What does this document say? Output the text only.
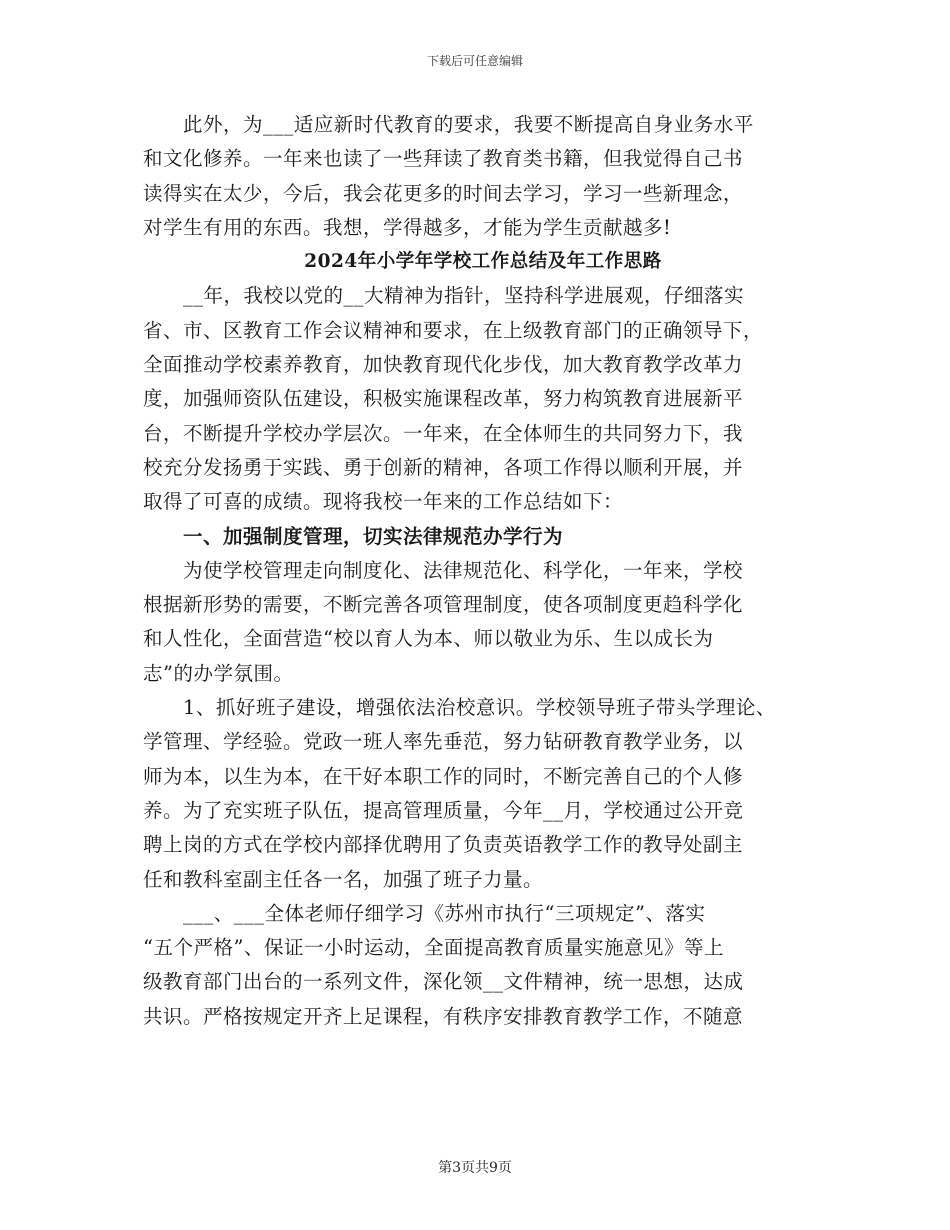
下载后可任意编辑
　　此外，为___适应新时代教育的要求，我要不断提高自身业务水平
和文化修养。一年来也读了一些拜读了教育类书籍，但我觉得自己书
读得实在太少，今后，我会花更多的时间去学习，学习一些新理念，
对学生有用的东西。我想，学得越多，才能为学生贡献越多!
2024年小学年学校工作总结及年工作思路
　　__年，我校以党的__大精神为指针，坚持科学进展观，仔细落实
省、市、区教育工作会议精神和要求，在上级教育部门的正确领导下，
全面推动学校素养教育，加快教育现代化步伐，加大教育教学改革力
度，加强师资队伍建设，积极实施课程改革，努力构筑教育进展新平
台，不断提升学校办学层次。一年来，在全体师生的共同努力下，我
校充分发扬勇于实践、勇于创新的精神，各项工作得以顺利开展，并
取得了可喜的成绩。现将我校一年来的工作总结如下：
　　一、加强制度管理，切实法律规范办学行为
　　为使学校管理走向制度化、法律规范化、科学化，一年来，学校
根据新形势的需要，不断完善各项管理制度，使各项制度更趋科学化
和人性化，全面营造“校以育人为本、师以敬业为乐、生以成长为
志”的办学氛围。
　　1、抓好班子建设，增强依法治校意识。学校领导班子带头学理论、
学管理、学经验。党政一班人率先垂范，努力钻研教育教学业务，以
师为本，以生为本，在干好本职工作的同时，不断完善自己的个人修
养。为了充实班子队伍，提高管理质量，今年__月，学校通过公开竞
聘上岗的方式在学校内部择优聘用了负责英语教学工作的教导处副主
任和教科室副主任各一名，加强了班子力量。
　　___、___全体老师仔细学习《苏州市执行“三项规定”、落实
“五个严格”、保证一小时运动，全面提高教育质量实施意见》等上
级教育部门出台的一系列文件，深化领__文件精神，统一思想，达成
共识。严格按规定开齐上足课程，有秩序安排教育教学工作，不随意
第3页共9页
